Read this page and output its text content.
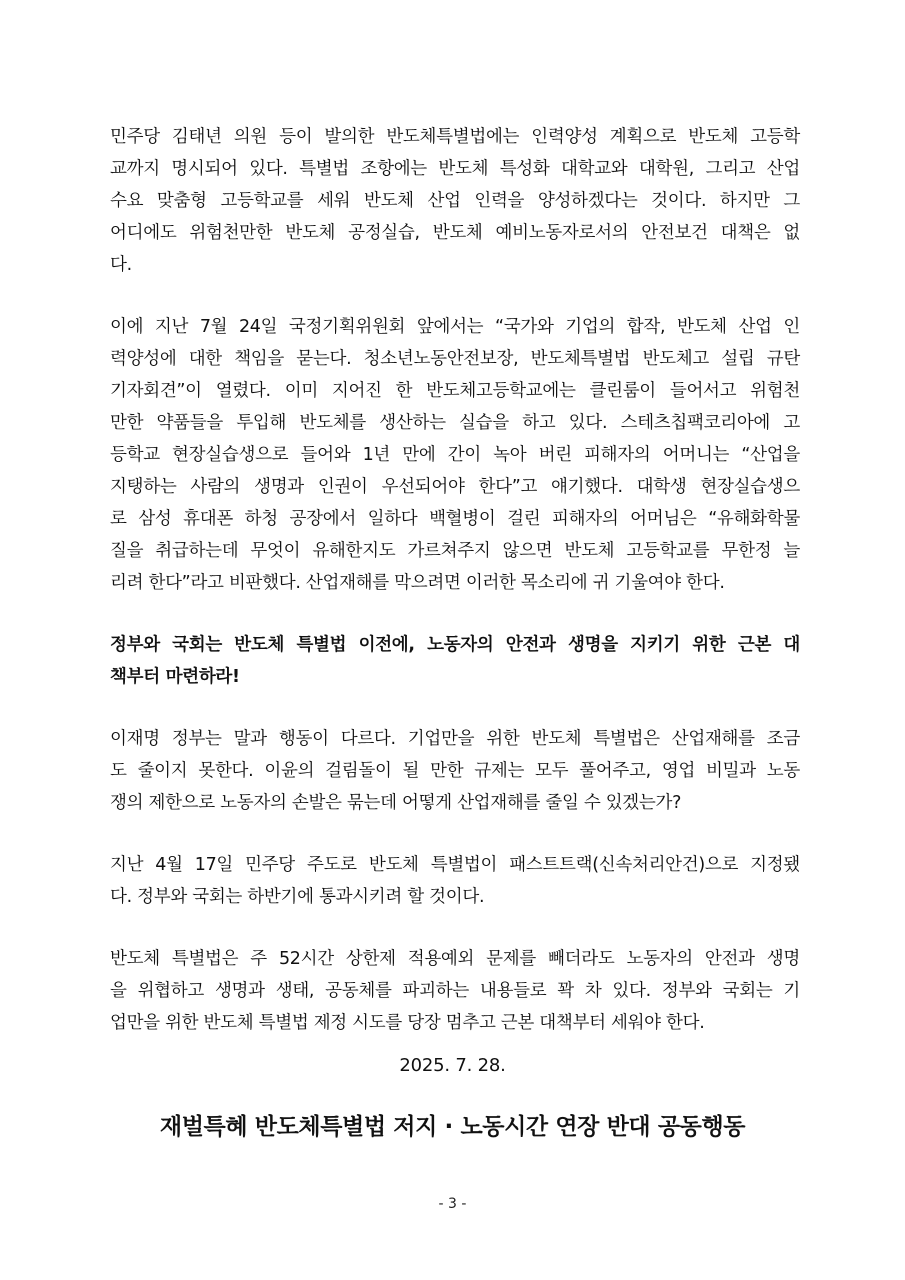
민주당 김태년 의원 등이 발의한 반도체특별법에는 인력양성 계획으로 반도체 고등학
교까지 명시되어 있다. 특별법 조항에는 반도체 특성화 대학교와 대학원, 그리고 산업
수요 맞춤형 고등학교를 세워 반도체 산업 인력을 양성하겠다는 것이다. 하지만 그
어디에도 위험천만한 반도체 공정실습, 반도체 예비노동자로서의 안전보건 대책은 없
다.
이에 지난 7월 24일 국정기획위원회 앞에서는 “국가와 기업의 합작, 반도체 산업 인
력양성에 대한 책임을 묻는다. 청소년노동안전보장, 반도체특별법 반도체고 설립 규탄
기자회견”이 열렸다. 이미 지어진 한 반도체고등학교에는 클린룸이 들어서고 위험천
만한 약품들을 투입해 반도체를 생산하는 실습을 하고 있다. 스테츠칩팩코리아에 고
등학교 현장실습생으로 들어와 1년 만에 간이 녹아 버린 피해자의 어머니는 “산업을
지탱하는 사람의 생명과 인권이 우선되어야 한다”고 얘기했다. 대학생 현장실습생으
로 삼성 휴대폰 하청 공장에서 일하다 백혈병이 걸린 피해자의 어머님은 “유해화학물
질을 취급하는데 무엇이 유해한지도 가르쳐주지 않으면 반도체 고등학교를 무한정 늘
리려 한다”라고 비판했다. 산업재해를 막으려면 이러한 목소리에 귀 기울여야 한다.
정부와 국회는 반도체 특별법 이전에, 노동자의 안전과 생명을 지키기 위한 근본 대
책부터 마련하라!
이재명 정부는 말과 행동이 다르다. 기업만을 위한 반도체 특별법은 산업재해를 조금
도 줄이지 못한다. 이윤의 걸림돌이 될 만한 규제는 모두 풀어주고, 영업 비밀과 노동
쟁의 제한으로 노동자의 손발은 묶는데 어떻게 산업재해를 줄일 수 있겠는가?
지난 4월 17일 민주당 주도로 반도체 특별법이 패스트트랙(신속처리안건)으로 지정됐
다. 정부와 국회는 하반기에 통과시키려 할 것이다.
반도체 특별법은 주 52시간 상한제 적용예외 문제를 빼더라도 노동자의 안전과 생명
을 위협하고 생명과 생태, 공동체를 파괴하는 내용들로 꽉 차 있다. 정부와 국회는 기
업만을 위한 반도체 특별법 제정 시도를 당장 멈추고 근본 대책부터 세워야 한다.
2025. 7. 28.
재벌특혜 반도체특별법 저지 · 노동시간 연장 반대 공동행동
- 3 -
